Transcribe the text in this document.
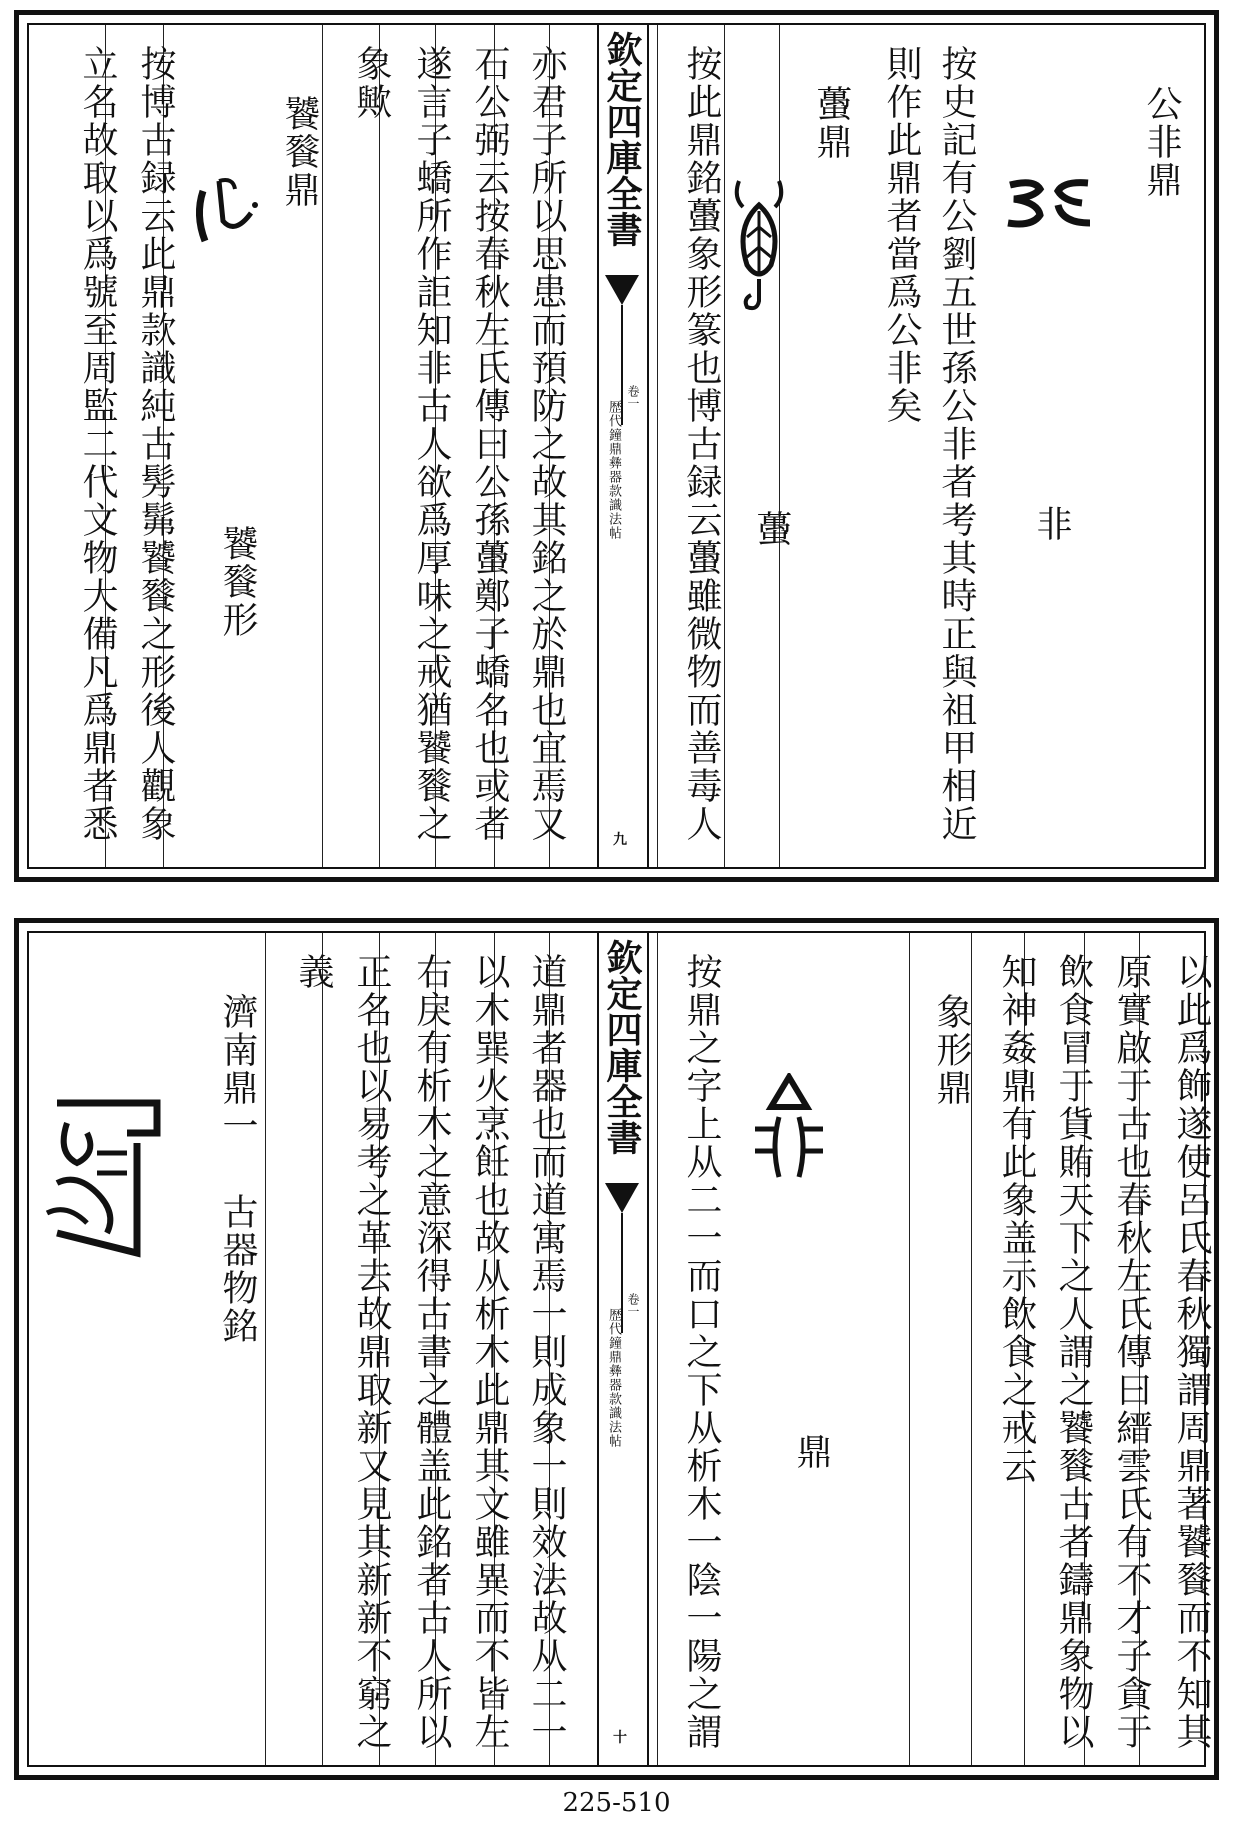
公非鼎
非
按史記有公劉五世孫公非者考其時正與祖甲相近
則作此鼎者當爲公非矣
蠆鼎
蠆
按此鼎銘蠆象形篆也博古録云蠆雖微物而善毒人
欽定四庫全書
歴代鐘鼎彝器款識法帖
卷一
九
亦君子所以思患而預防之故其銘之於鼎也宜焉又
石公弼云按春秋左氏傳曰公孫蠆鄭子蟜名也或者
遂言子蟜所作詎知非古人欲爲厚味之戒猶饕餮之
象歟
饕餮鼎
饕餮形
按博古録云此鼎款識純古髣髴饕餮之形後人觀象
立名故取以爲號至周監二代文物大備凡爲鼎者悉
以此爲飾遂使呂氏春秋獨謂周鼎著饕餮而不知其
原實啟于古也春秋左氏傳曰縉雲氏有不才子貪于
飲食冒于貨賄天下之人謂之饕餮古者鑄鼎象物以
知神姦鼎有此象盖示飲食之戒云
象形鼎
鼎
按鼎之字上从二一而口之下从析木一陰一陽之謂
欽定四庫全書
歴代鐘鼎彝器款識法帖
卷一
十
道鼎者器也而道寓焉一則成象一則效法故从二一
以木巽火烹飪也故从析木此鼎其文雖異而不皆左
右戾有析木之意深得古書之體盖此銘者古人所以
正名也以易考之革去故鼎取新又見其新新不窮之
義
濟南鼎一
古器物銘
225-510
